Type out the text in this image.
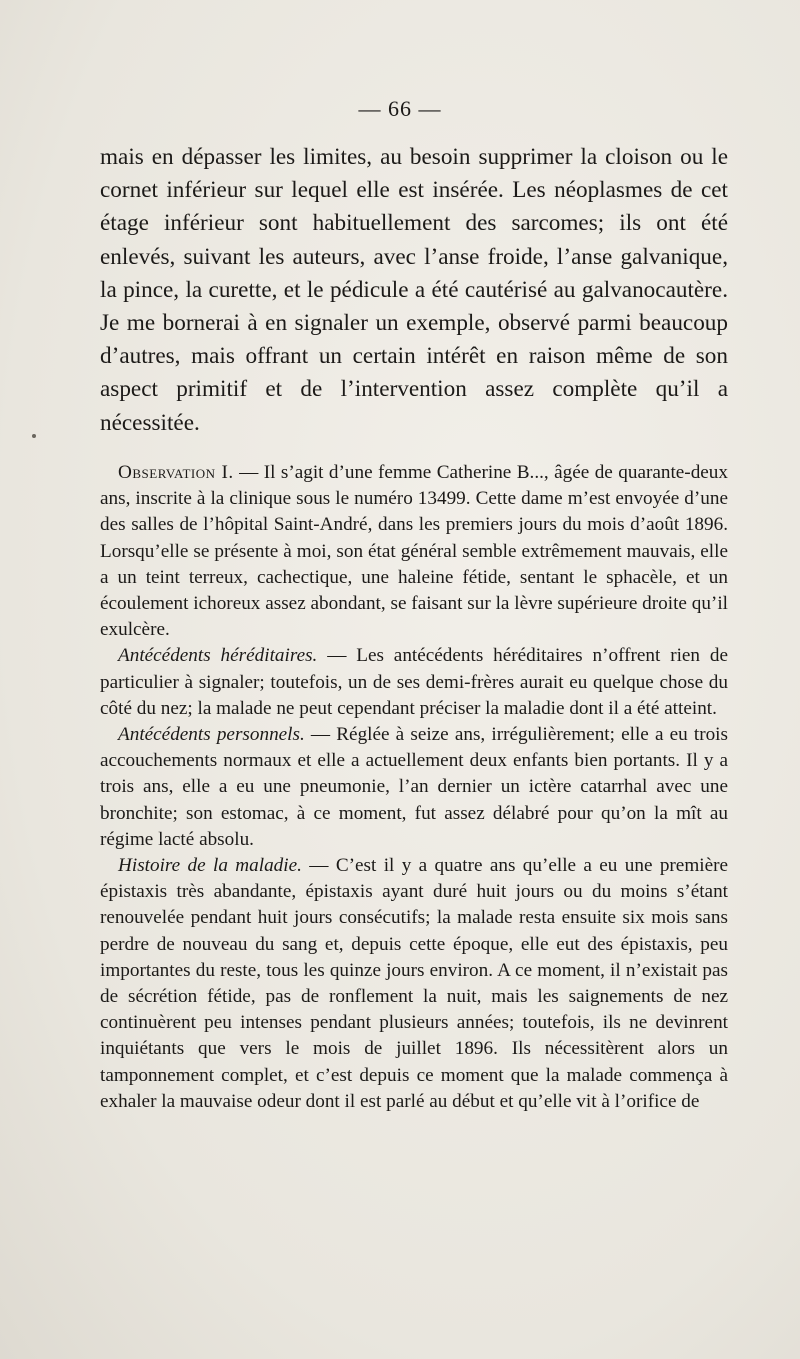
— 66 —

mais en dépasser les limites, au besoin supprimer la cloison ou le cornet inférieur sur lequel elle est insérée. Les néoplasmes de cet étage inférieur sont habituellement des sarcomes; ils ont été enlevés, suivant les auteurs, avec l’anse froide, l’anse galvanique, la pince, la curette, et le pédicule a été cautérisé au galvanocautère. Je me bornerai à en signaler un exemple, observé parmi beaucoup d’autres, mais offrant un certain intérêt en raison même de son aspect primitif et de l’intervention assez complète qu’il a nécessitée.

Observation I. — Il s’agit d’une femme Catherine B..., âgée de quarante-deux ans, inscrite à la clinique sous le numéro 13499. Cette dame m’est envoyée d’une des salles de l’hôpital Saint-André, dans les premiers jours du mois d’août 1896. Lorsqu’elle se présente à moi, son état général semble extrêmement mauvais, elle a un teint terreux, cachectique, une haleine fétide, sentant le sphacèle, et un écoulement ichoreux assez abondant, se faisant sur la lèvre supérieure droite qu’il exulcère.

Antécédents héréditaires. — Les antécédents héréditaires n’offrent rien de particulier à signaler; toutefois, un de ses demi-frères aurait eu quelque chose du côté du nez; la malade ne peut cependant préciser la maladie dont il a été atteint.

Antécédents personnels. — Réglée à seize ans, irrégulièrement; elle a eu trois accouchements normaux et elle a actuellement deux enfants bien portants. Il y a trois ans, elle a eu une pneumonie, l’an dernier un ictère catarrhal avec une bronchite; son estomac, à ce moment, fut assez délabré pour qu’on la mît au régime lacté absolu.

Histoire de la maladie. — C’est il y a quatre ans qu’elle a eu une première épistaxis très abandante, épistaxis ayant duré huit jours ou du moins s’étant renouvelée pendant huit jours consécutifs; la malade resta ensuite six mois sans perdre de nouveau du sang et, depuis cette époque, elle eut des épistaxis, peu importantes du reste, tous les quinze jours environ. A ce moment, il n’existait pas de sécrétion fétide, pas de ronflement la nuit, mais les saignements de nez continuèrent peu intenses pendant plusieurs années; toutefois, ils ne devinrent inquiétants que vers le mois de juillet 1896. Ils nécessitèrent alors un tamponnement complet, et c’est depuis ce moment que la malade commença à exhaler la mauvaise odeur dont il est parlé au début et qu’elle vit à l’orifice de
